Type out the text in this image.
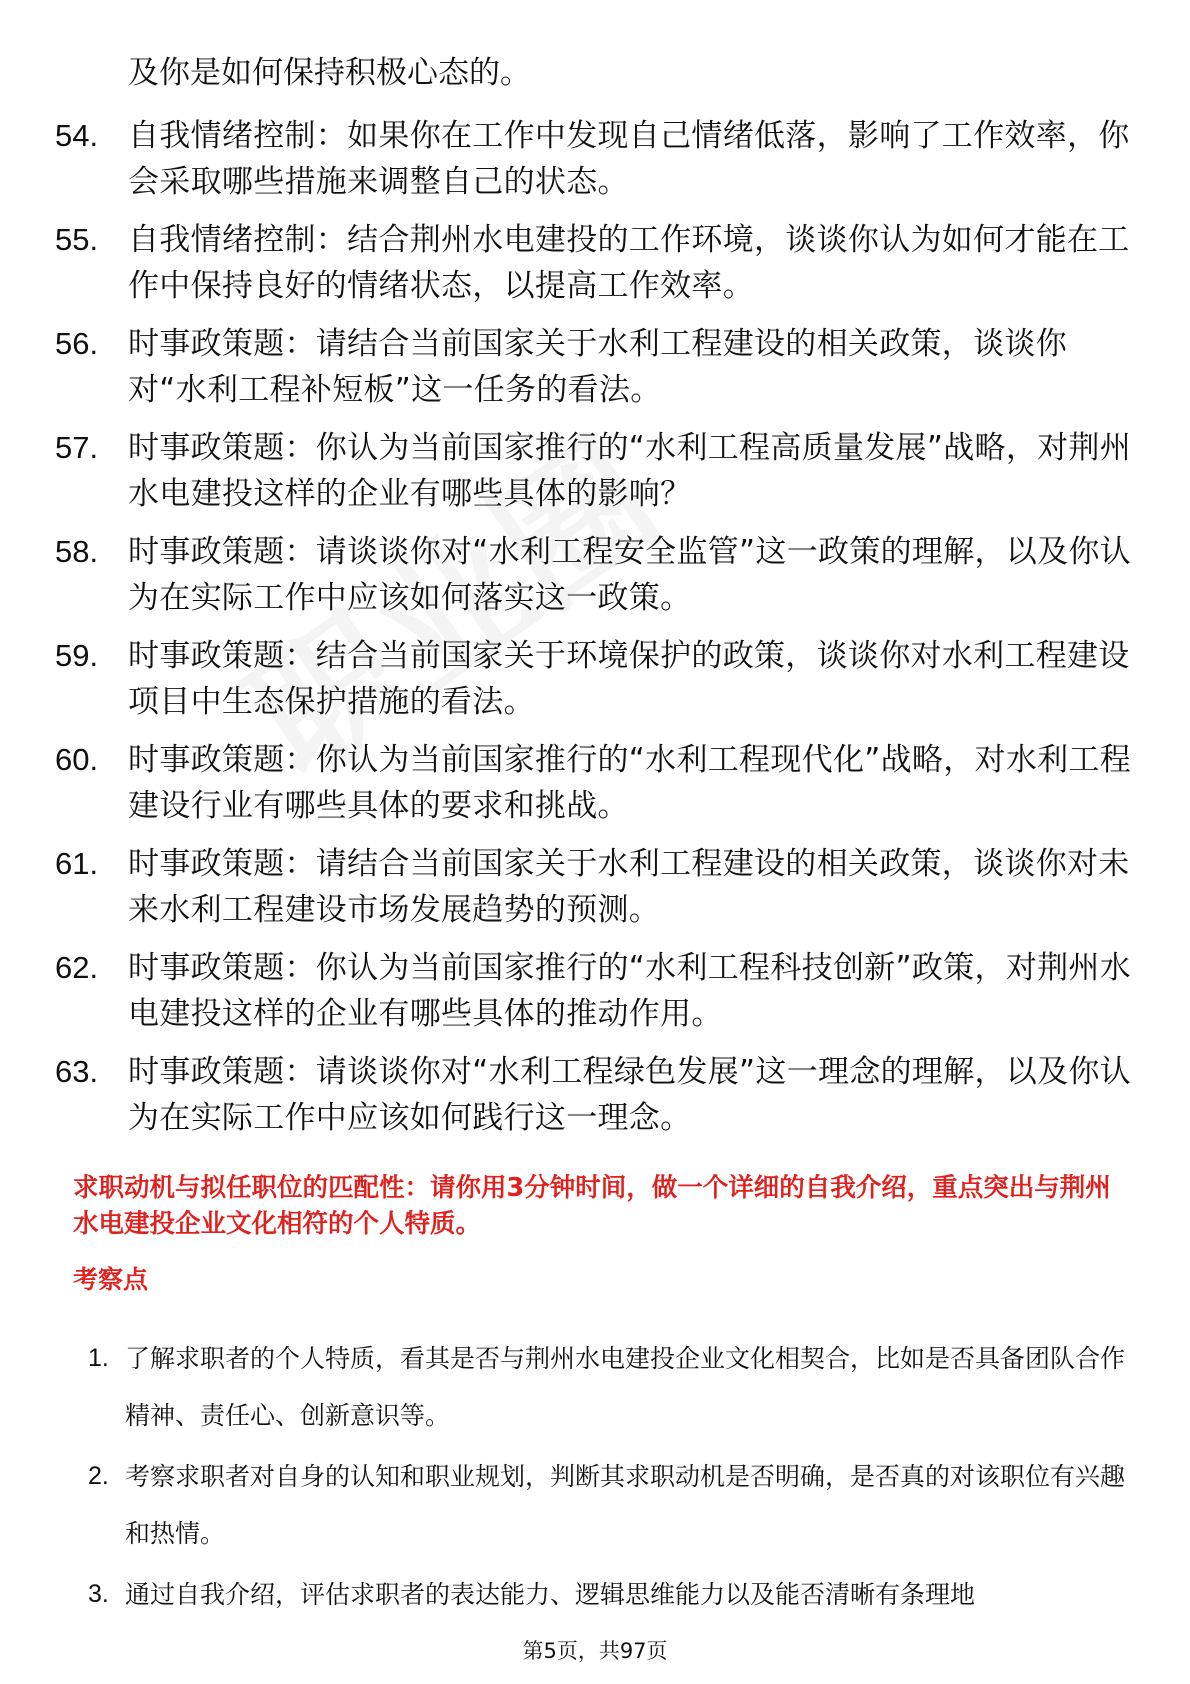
及你是如何保持积极心态的。

54. 自我情绪控制：如果你在工作中发现自己情绪低落，影响了工作效率，你会采取哪些措施来调整自己的状态。
55. 自我情绪控制：结合荆州水电建投的工作环境，谈谈你认为如何才能在工作中保持良好的情绪状态，以提高工作效率。
56. 时事政策题：请结合当前国家关于水利工程建设的相关政策，谈谈你对“水利工程补短板”这一任务的看法。
57. 时事政策题：你认为当前国家推行的“水利工程高质量发展”战略，对荆州水电建投这样的企业有哪些具体的影响？
58. 时事政策题：请谈谈你对“水利工程安全监管”这一政策的理解，以及你认为在实际工作中应该如何落实这一政策。
59. 时事政策题：结合当前国家关于环境保护的政策，谈谈你对水利工程建设项目中生态保护措施的看法。
60. 时事政策题：你认为当前国家推行的“水利工程现代化”战略，对水利工程建设行业有哪些具体的要求和挑战。
61. 时事政策题：请结合当前国家关于水利工程建设的相关政策，谈谈你对未来水利工程建设市场发展趋势的预测。
62. 时事政策题：你认为当前国家推行的“水利工程科技创新”政策，对荆州水电建投这样的企业有哪些具体的推动作用。
63. 时事政策题：请谈谈你对“水利工程绿色发展”这一理念的理解，以及你认为在实际工作中应该如何践行这一理念。

求职动机与拟任职位的匹配性：请你用3分钟时间，做一个详细的自我介绍，重点突出与荆州水电建投企业文化相符的个人特质。

考察点

1. 了解求职者的个人特质，看其是否与荆州水电建投企业文化相契合，比如是否具备团队合作精神、责任心、创新意识等。
2. 考察求职者对自身的认知和职业规划，判断其求职动机是否明确，是否真的对该职位有兴趣和热情。
3. 通过自我介绍，评估求职者的表达能力、逻辑思维能力以及能否清晰有条理地

第5页，共97页
